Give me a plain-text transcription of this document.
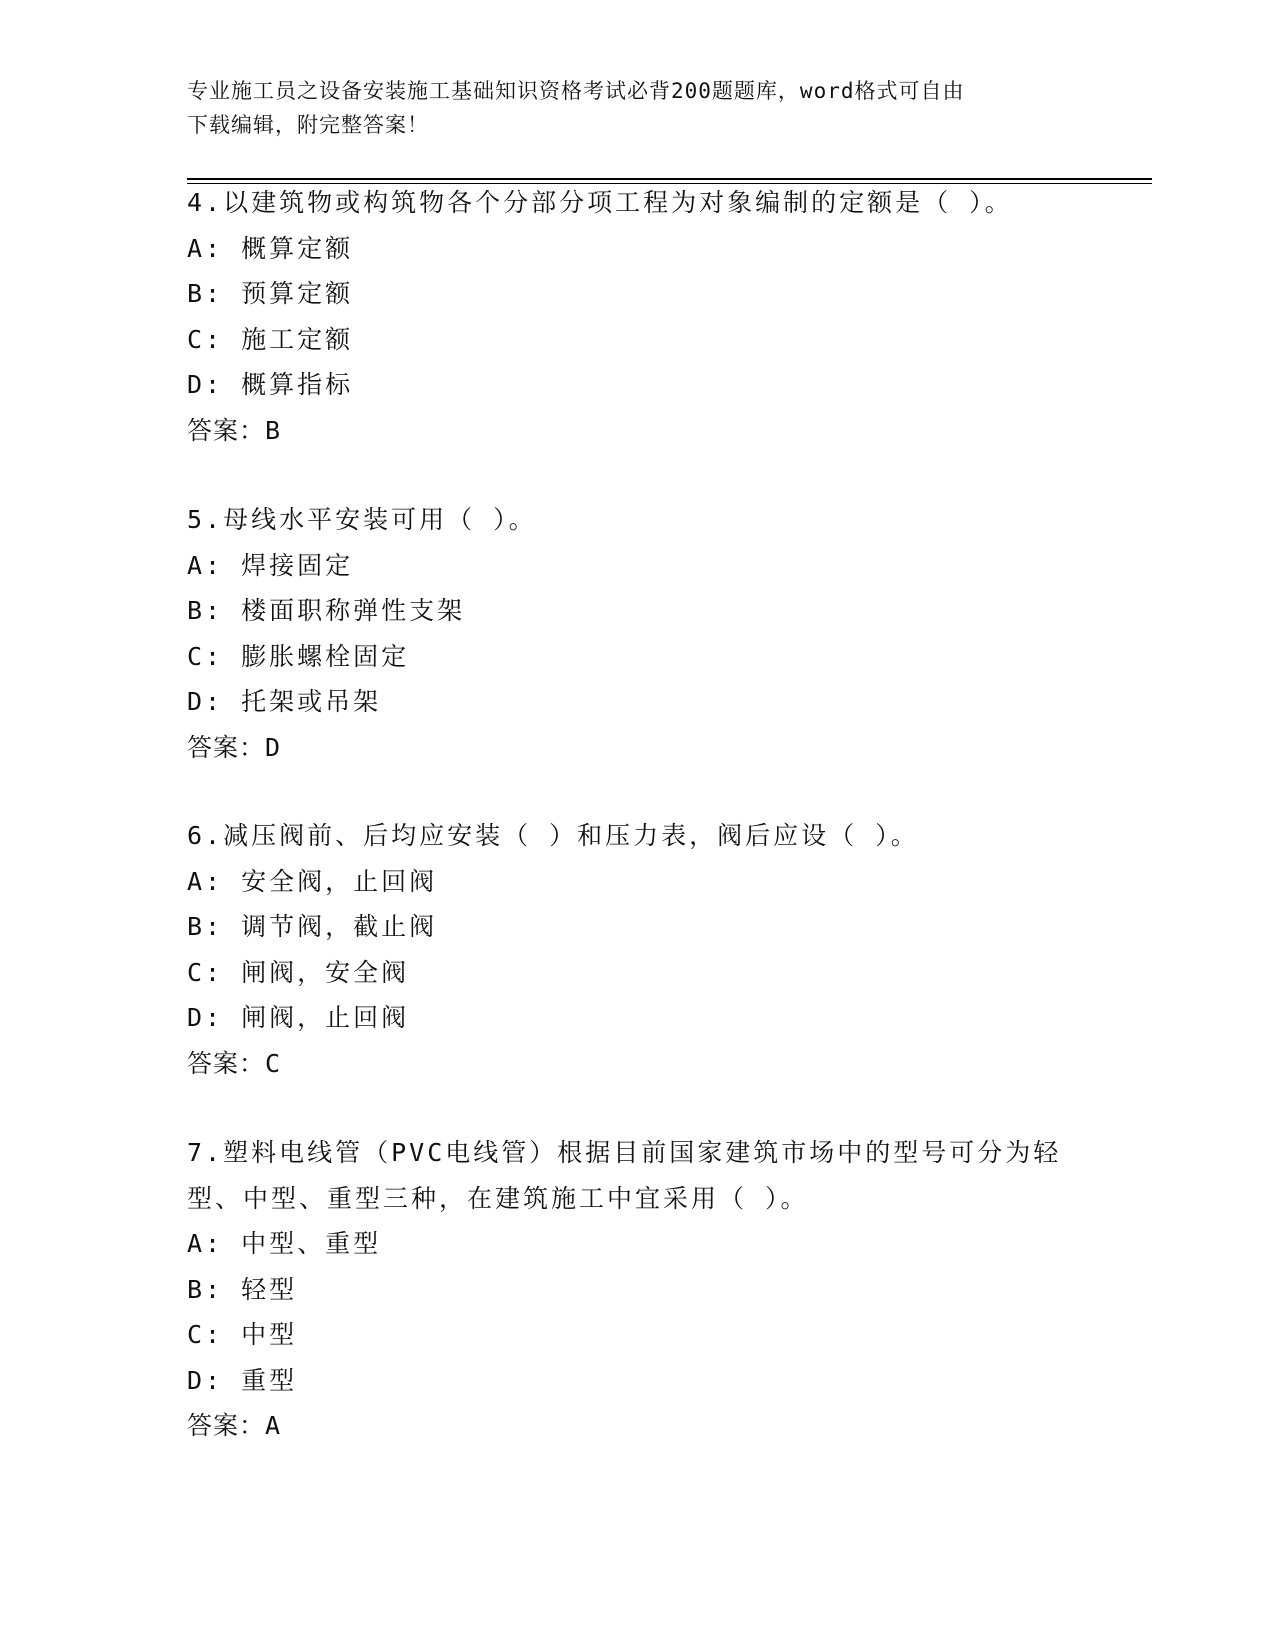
专业施工员之设备安装施工基础知识资格考试必背200题题库，word格式可自由
下载编辑，附完整答案！
4.以建筑物或构筑物各个分部分项工程为对象编制的定额是（ ）。
A: 概算定额
B: 预算定额
C: 施工定额
D: 概算指标
答案：B
5.母线水平安装可用（ ）。
A: 焊接固定
B: 楼面职称弹性支架
C: 膨胀螺栓固定
D: 托架或吊架
答案：D
6.减压阀前、后均应安装（ ）和压力表，阀后应设（ ）。
A: 安全阀，止回阀
B: 调节阀，截止阀
C: 闸阀，安全阀
D: 闸阀，止回阀
答案：C
7.塑料电线管（PVC电线管）根据目前国家建筑市场中的型号可分为轻
型、中型、重型三种，在建筑施工中宜采用（ ）。
A: 中型、重型
B: 轻型
C: 中型
D: 重型
答案：A
